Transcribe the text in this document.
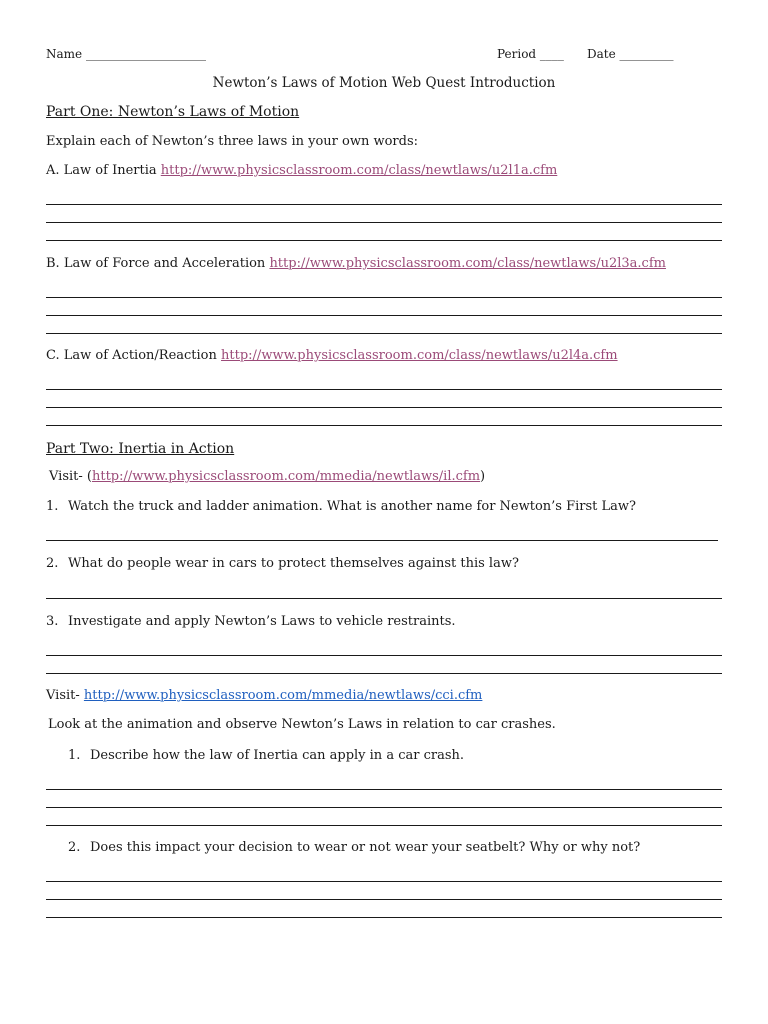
Name ____________________	Period ____ Date _________
Newton’s Laws of Motion Web Quest Introduction
Part One: Newton’s Laws of Motion
Explain each of Newton’s three laws in your own words:
A. Law of Inertia http://www.physicsclassroom.com/class/newtlaws/u2l1a.cfm
B. Law of Force and Acceleration http://www.physicsclassroom.com/class/newtlaws/u2l3a.cfm
C. Law of Action/Reaction http://www.physicsclassroom.com/class/newtlaws/u2l4a.cfm
Part Two: Inertia in Action
Visit- (http://www.physicsclassroom.com/mmedia/newtlaws/il.cfm)
1. Watch the truck and ladder animation. What is another name for Newton’s First Law?
2. What do people wear in cars to protect themselves against this law?
3. Investigate and apply Newton’s Laws to vehicle restraints.
Visit- http://www.physicsclassroom.com/mmedia/newtlaws/cci.cfm
Look at the animation and observe Newton’s Laws in relation to car crashes.
1. Describe how the law of Inertia can apply in a car crash.
2. Does this impact your decision to wear or not wear your seatbelt? Why or why not?
